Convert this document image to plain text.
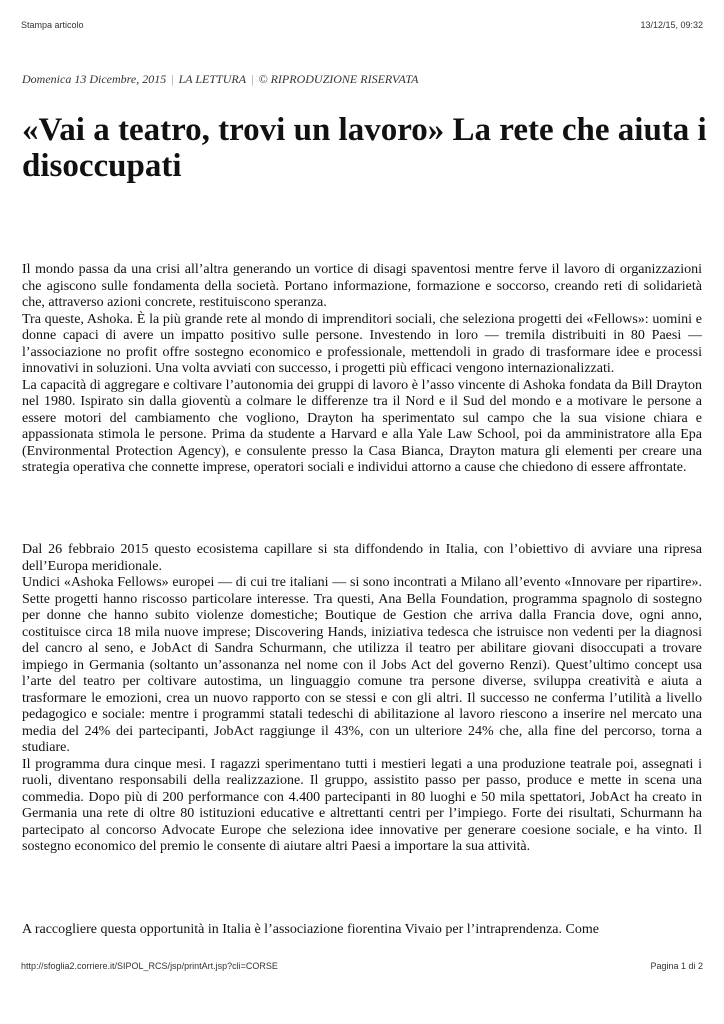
Stampa articolo	13/12/15, 09:32
Domenica 13 Dicembre, 2015 | LA LETTURA | © RIPRODUZIONE RISERVATA
«Vai a teatro, trovi un lavoro» La rete che aiuta i disoccupati

Il mondo passa da una crisi all’altra generando un vortice di disagi spaventosi mentre ferve il lavoro di organizzazioni che agiscono sulle fondamenta della società. Portano informazione, formazione e soccorso, creando reti di solidarietà che, attraverso azioni concrete, restituiscono speranza.

Tra queste, Ashoka. È la più grande rete al mondo di imprenditori sociali, che seleziona progetti dei «Fellows»: uomini e donne capaci di avere un impatto positivo sulle persone. Investendo in loro — tremila distribuiti in 80 Paesi — l’associazione no profit offre sostegno economico e professionale, mettendoli in grado di trasformare idee e processi innovativi in soluzioni. Una volta avviati con successo, i progetti più efficaci vengono internazionalizzati.

La capacità di aggregare e coltivare l’autonomia dei gruppi di lavoro è l’asso vincente di Ashoka fondata da Bill Drayton nel 1980. Ispirato sin dalla gioventù a colmare le differenze tra il Nord e il Sud del mondo e a motivare le persone a essere motori del cambiamento che vogliono, Drayton ha sperimentato sul campo che la sua visione chiara e appassionata stimola le persone. Prima da studente a Harvard e alla Yale Law School, poi da amministratore alla Epa (Environmental Protection Agency), e consulente presso la Casa Bianca, Drayton matura gli elementi per creare una strategia operativa che connette imprese, operatori sociali e individui attorno a cause che chiedono di essere affrontate.

Dal 26 febbraio 2015 questo ecosistema capillare si sta diffondendo in Italia, con l’obiettivo di avviare una ripresa dell’Europa meridionale.

Undici «Ashoka Fellows» europei — di cui tre italiani — si sono incontrati a Milano all’evento «Innovare per ripartire». Sette progetti hanno riscosso particolare interesse. Tra questi, Ana Bella Foundation, programma spagnolo di sostegno per donne che hanno subito violenze domestiche; Boutique de Gestion che arriva dalla Francia dove, ogni anno, costituisce circa 18 mila nuove imprese; Discovering Hands, iniziativa tedesca che istruisce non vedenti per la diagnosi del cancro al seno, e JobAct di Sandra Schurmann, che utilizza il teatro per abilitare giovani disoccupati a trovare impiego in Germania (soltanto un’assonanza nel nome con il Jobs Act del governo Renzi). Quest’ultimo concept usa l’arte del teatro per coltivare autostima, un linguaggio comune tra persone diverse, sviluppa creatività e aiuta a trasformare le emozioni, crea un nuovo rapporto con se stessi e con gli altri. Il successo ne conferma l’utilità a livello pedagogico e sociale: mentre i programmi statali tedeschi di abilitazione al lavoro riescono a inserire nel mercato una media del 24% dei partecipanti, JobAct raggiunge il 43%, con un ulteriore 24% che, alla fine del percorso, torna a studiare.

Il programma dura cinque mesi. I ragazzi sperimentano tutti i mestieri legati a una produzione teatrale poi, assegnati i ruoli, diventano responsabili della realizzazione. Il gruppo, assistito passo per passo, produce e mette in scena una commedia. Dopo più di 200 performance con 4.400 partecipanti in 80 luoghi e 50 mila spettatori, JobAct ha creato in Germania una rete di oltre 80 istituzioni educative e altrettanti centri per l’impiego. Forte dei risultati, Schurmann ha partecipato al concorso Advocate Europe che seleziona idee innovative per generare coesione sociale, e ha vinto. Il sostegno economico del premio le consente di aiutare altri Paesi a importare la sua attività.

A raccogliere questa opportunità in Italia è l’associazione fiorentina Vivaio per l’intraprendenza. Come

http://sfoglia2.corriere.it/SIPOL_RCS/jsp/printArt.jsp?cli=CORSE	Pagina 1 di 2
